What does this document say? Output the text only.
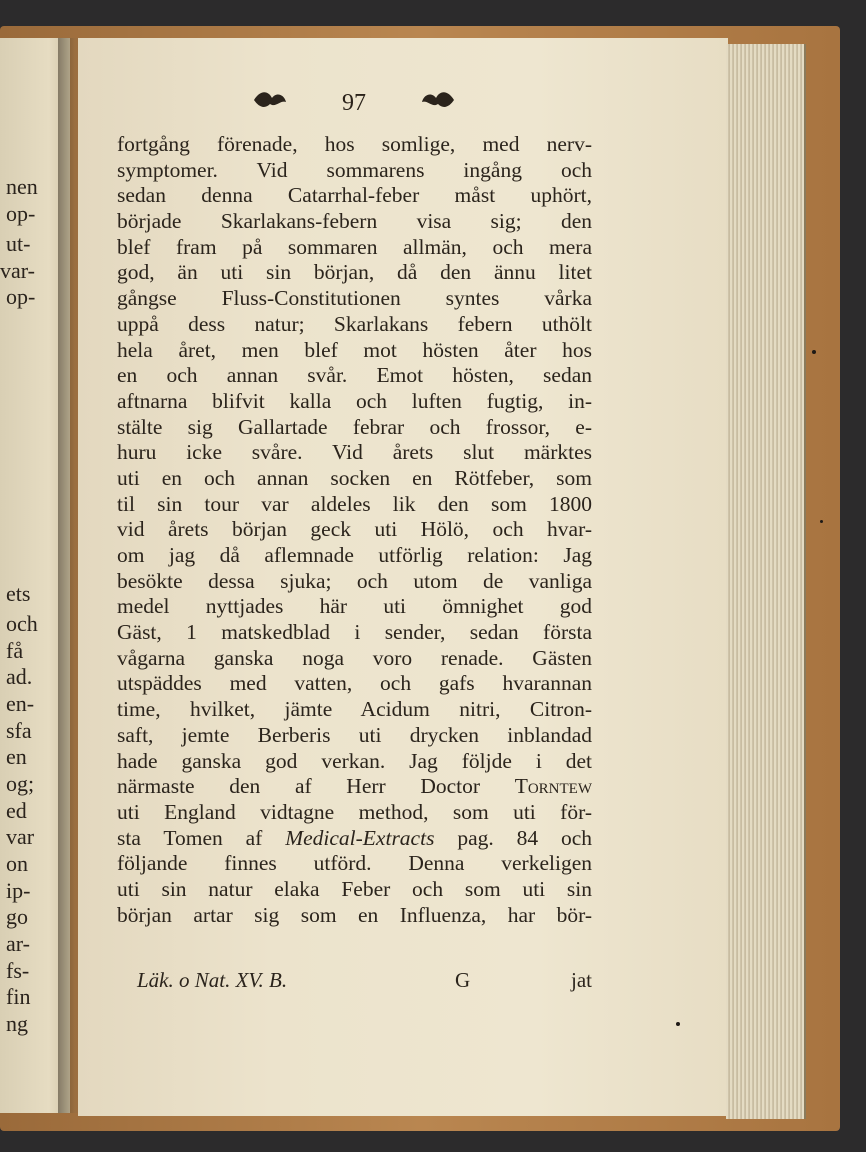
nen
op-
ut-
var-
op-
ets
och
få
ad.
en-
sfa
en
og;
ed
var
on
ip-
go
ar-
fs-
fin
ng
97
fortgång förenade, hos somlige, med nerv-
symptomer. Vid sommarens ingång och
sedan denna Catarrhal-feber måst uphört,
började Skarlakans-febern visa sig; den
blef fram på sommaren allmän, och mera
god, än uti sin början, då den ännu litet
gångse Fluss-Constitutionen syntes vårka
uppå dess natur; Skarlakans febern uthölt
hela året, men blef mot hösten åter hos
en och annan svår. Emot hösten, sedan
aftnarna blifvit kalla och luften fugtig, in-
stälte sig Gallartade febrar och frossor, e-
huru icke svåre. Vid årets slut märktes
uti en och annan socken en Rötfeber, som
til sin tour var aldeles lik den som 1800
vid årets början geck uti Hölö, och hvar-
om jag då aflemnade utförlig relation: Jag
besökte dessa sjuka; och utom de vanliga
medel nyttjades här uti ömnighet god
Gäst, 1 matskedblad i sender, sedan första
vågarna ganska noga voro renade. Gästen
utspäddes med vatten, och gafs hvarannan
time, hvilket, jämte Acidum nitri, Citron-
saft, jemte Berberis uti drycken inblandad
hade ganska god verkan. Jag följde i det
närmaste den af Herr Doctor Torntew
uti England vidtagne method, som uti för-
sta Tomen af Medical-Extracts pag. 84 och
följande finnes utförd. Denna verkeligen
uti sin natur elaka Feber och som uti sin
början artar sig som en Influenza, har bör-
Läk. o Nat. XV. B.	G	jat
